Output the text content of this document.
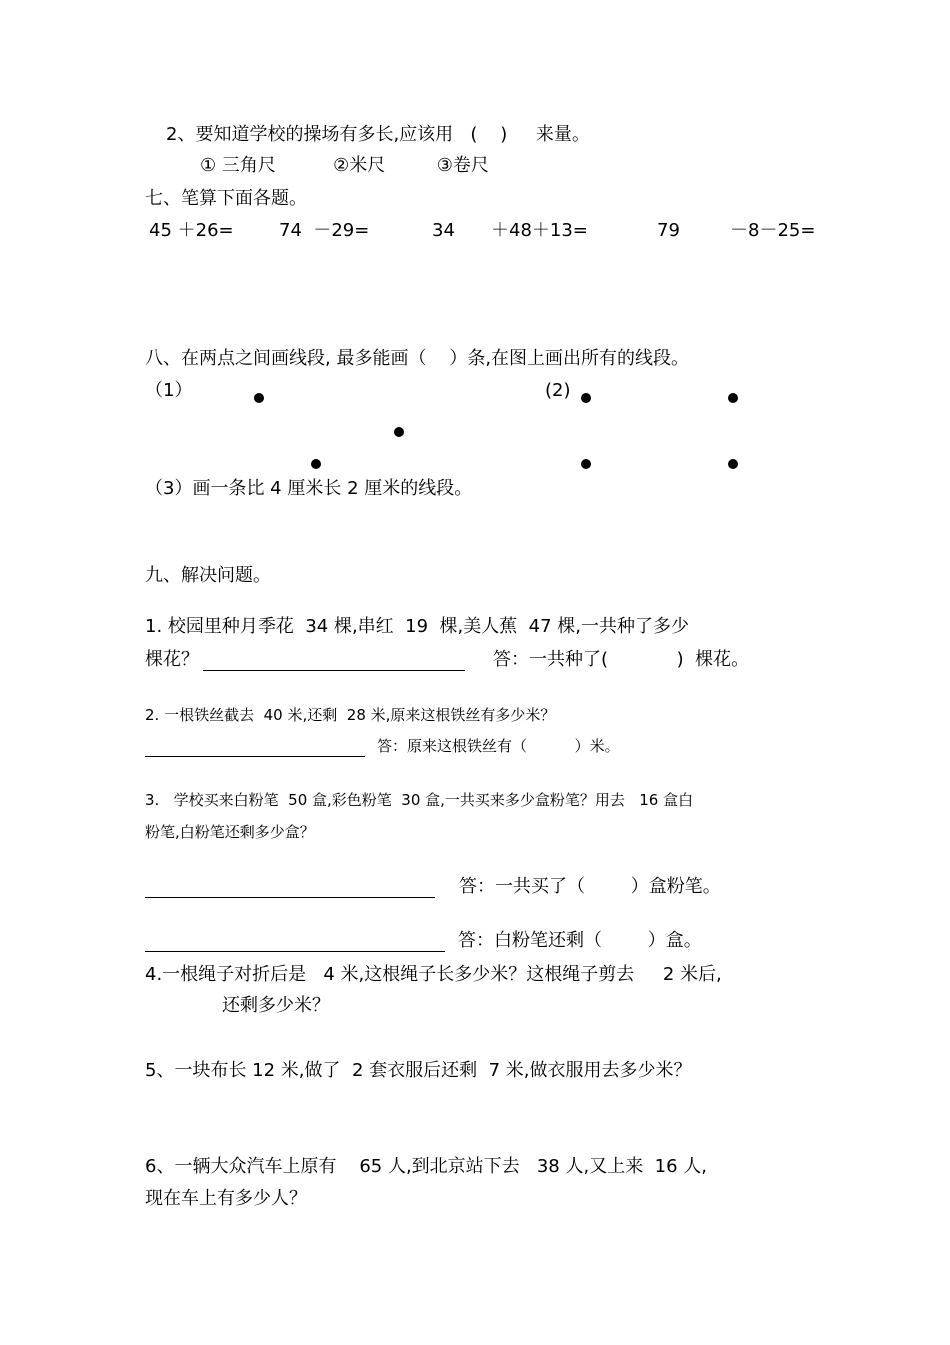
2、要知道学校的操场有多长,应该用   (    )     来量。
① 三角尺          ②米尺         ③卷尺
七、笔算下面各题。
45 ＋26=	74  －29=	34 ＋48＋13=	79	－8－25=
八、在两点之间画线段, 最多能画（    ）条,在图上画出所有的线段。
（1）	(2)
（3）画一条比 4 厘米长 2 厘米的线段。
九、解决问题。
1. 校园里种月季花  34 棵,串红  19  棵,美人蕉  47 棵,一共种了多少
棵花？	答：一共种了(            )  棵花。
2. 一根铁丝截去  40 米,还剩  28 米,原来这根铁丝有多少米？
答：原来这根铁丝有（          ）米。
3.   学校买来白粉笔  50 盒,彩色粉笔  30 盒,一共买来多少盒粉笔？用去   16 盒白
粉笔,白粉笔还剩多少盒？
答：一共买了（        ）盒粉笔。
答：白粉笔还剩（        ）盒。
4.一根绳子对折后是   4 米,这根绳子长多少米？这根绳子剪去     2 米后,
还剩多少米？
5、一块布长 12 米,做了  2 套衣服后还剩  7 米,做衣服用去多少米？
6、一辆大众汽车上原有    65 人,到北京站下去   38 人,又上来  16 人,
现在车上有多少人？
